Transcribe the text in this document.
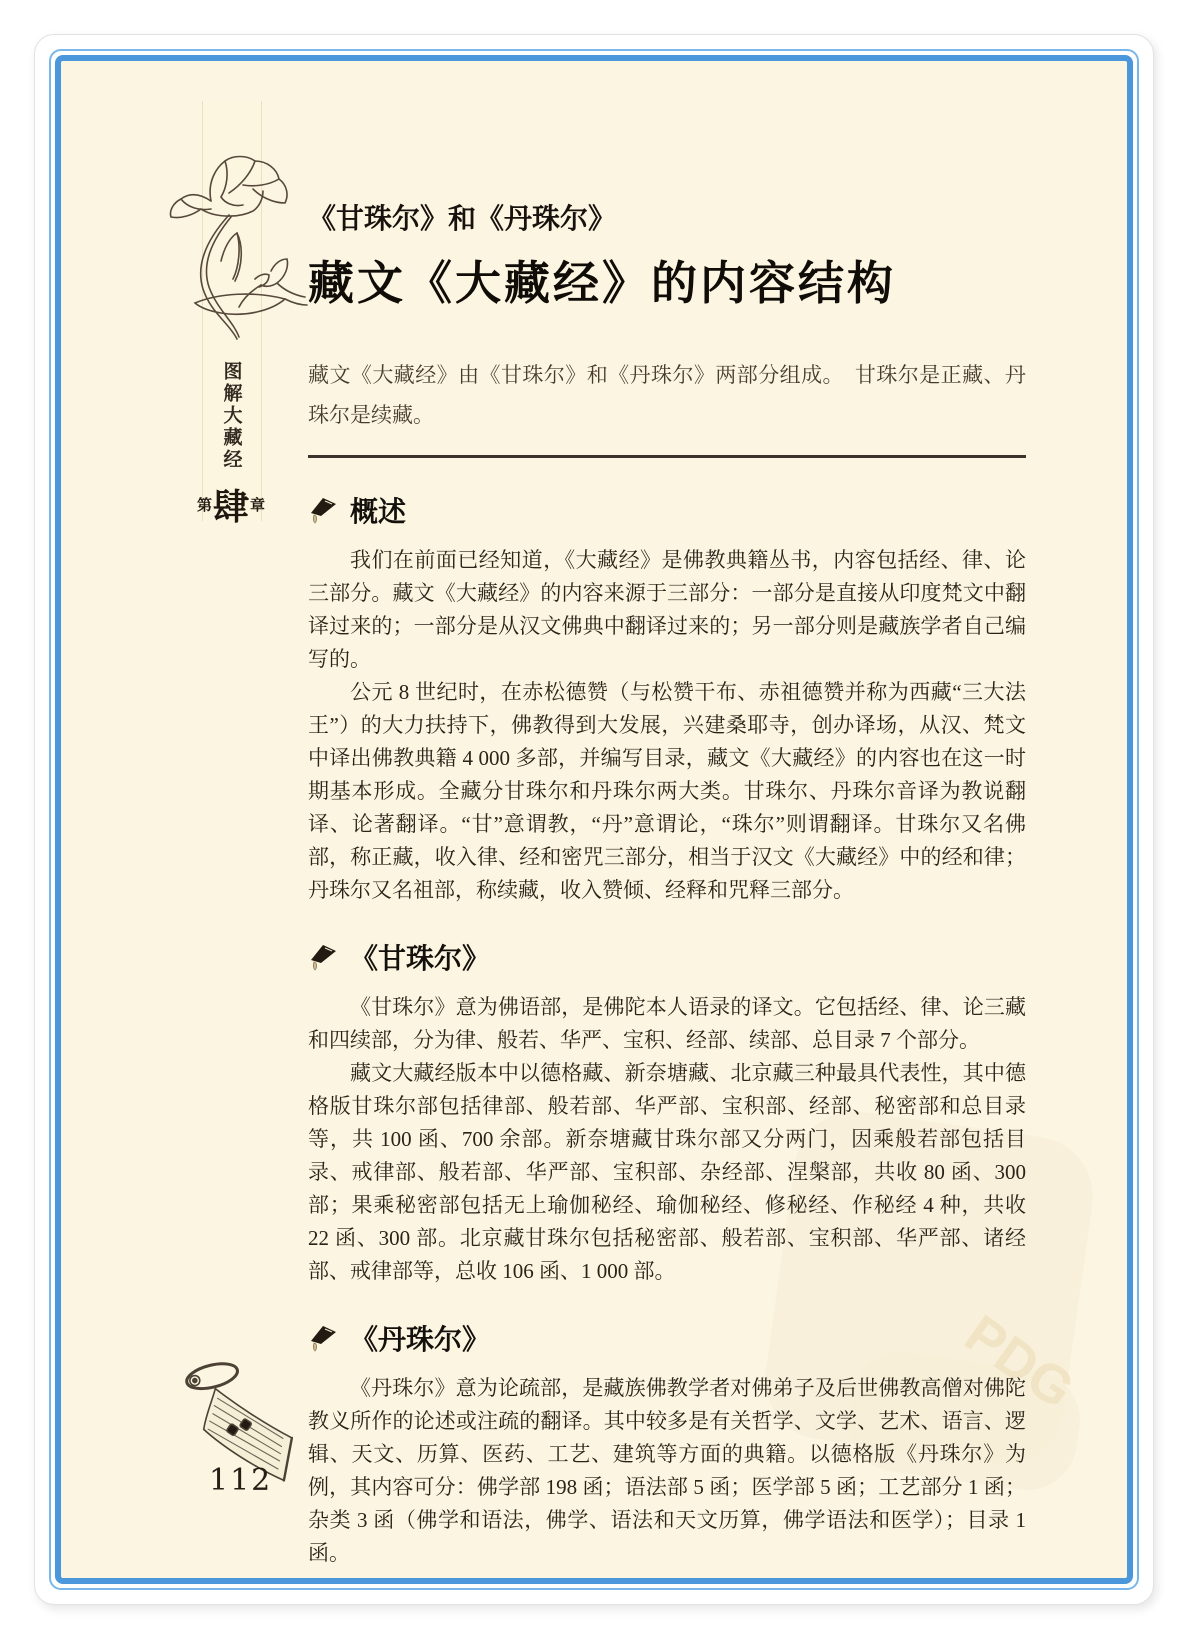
PDG
图解大藏经
第 肆 章
《甘珠尔》和《丹珠尔》
藏文《大藏经》的内容结构

藏文《大藏经》由《甘珠尔》和《丹珠尔》两部分组成。　甘珠尔是正藏、丹珠尔是续藏。

概述

我们在前面已经知道，《大藏经》是佛教典籍丛书，内容包括经、律、论三部分。藏文《大藏经》的内容来源于三部分：一部分是直接从印度梵文中翻译过来的；一部分是从汉文佛典中翻译过来的；另一部分则是藏族学者自己编写的。

公元 8 世纪时，在赤松德赞（与松赞干布、赤祖德赞并称为西藏“三大法王”）的大力扶持下，佛教得到大发展，兴建桑耶寺，创办译场，从汉、梵文中译出佛教典籍 4 000 多部，并编写目录，藏文《大藏经》的内容也在这一时期基本形成。全藏分甘珠尔和丹珠尔两大类。甘珠尔、丹珠尔音译为教说翻译、论著翻译。“甘”意谓教，“丹”意谓论，“珠尔”则谓翻译。甘珠尔又名佛部，称正藏，收入律、经和密咒三部分，相当于汉文《大藏经》中的经和律；丹珠尔又名祖部，称续藏，收入赞倾、经释和咒释三部分。

《甘珠尔》

《甘珠尔》意为佛语部，是佛陀本人语录的译文。它包括经、律、论三藏和四续部，分为律、般若、华严、宝积、经部、续部、总目录 7 个部分。

藏文大藏经版本中以德格藏、新奈塘藏、北京藏三种最具代表性，其中德格版甘珠尔部包括律部、般若部、华严部、宝积部、经部、秘密部和总目录等，共 100 函、700 余部。新奈塘藏甘珠尔部又分两门，因乘般若部包括目录、戒律部、般若部、华严部、宝积部、杂经部、涅槃部，共收 80 函、300 部；果乘秘密部包括无上瑜伽秘经、瑜伽秘经、修秘经、作秘经 4 种，共收 22 函、300 部。北京藏甘珠尔包括秘密部、般若部、宝积部、华严部、诸经部、戒律部等，总收 106 函、1 000 部。

《丹珠尔》

《丹珠尔》意为论疏部，是藏族佛教学者对佛弟子及后世佛教高僧对佛陀教义所作的论述或注疏的翻译。其中较多是有关哲学、文学、艺术、语言、逻辑、天文、历算、医药、工艺、建筑等方面的典籍。以德格版《丹珠尔》为例，其内容可分：佛学部 198 函；语法部 5 函；医学部 5 函；工艺部分 1 函；杂类 3 函（佛学和语法，佛学、语法和天文历算，佛学语法和医学）；目录 1 函。

112
